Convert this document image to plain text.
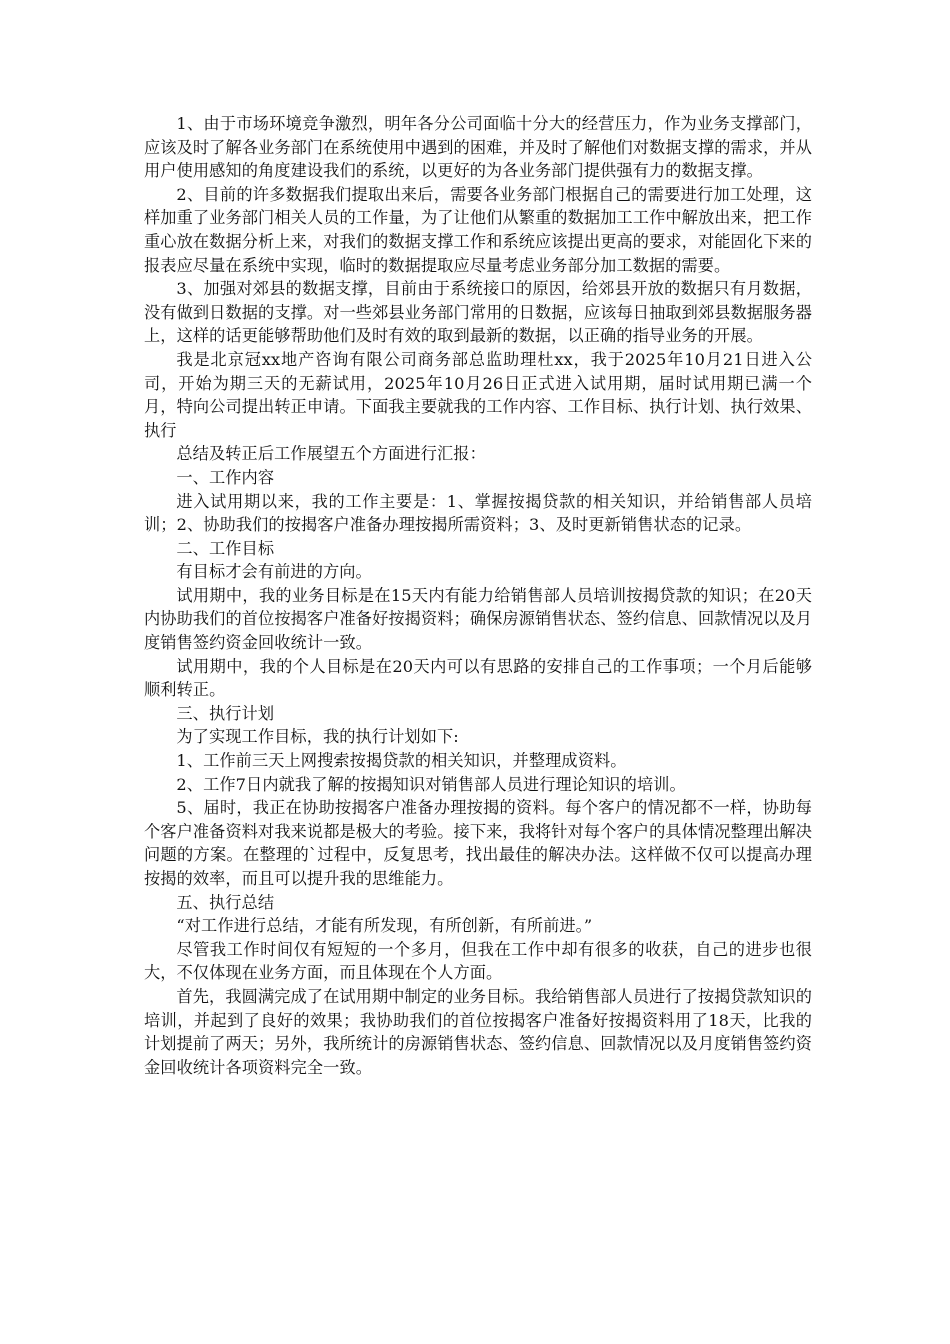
1、由于市场环境竞争激烈，明年各分公司面临十分大的经营压力，作为业务支撑部门，应该及时了解各业务部门在系统使用中遇到的困难，并及时了解他们对数据支撑的需求，并从用户使用感知的角度建设我们的系统，以更好的为各业务部门提供强有力的数据支撑。

2、目前的许多数据我们提取出来后，需要各业务部门根据自己的需要进行加工处理，这样加重了业务部门相关人员的工作量，为了让他们从繁重的数据加工工作中解放出来，把工作重心放在数据分析上来，对我们的数据支撑工作和系统应该提出更高的要求，对能固化下来的报表应尽量在系统中实现，临时的数据提取应尽量考虑业务部分加工数据的需要。

3、加强对郊县的数据支撑，目前由于系统接口的原因，给郊县开放的数据只有月数据，没有做到日数据的支撑。对一些郊县业务部门常用的日数据，应该每日抽取到郊县数据服务器上，这样的话更能够帮助他们及时有效的取到最新的数据，以正确的指导业务的开展。

我是北京冠xx地产咨询有限公司商务部总监助理杜xx，我于2025年10月21日进入公司，开始为期三天的无薪试用，2025年10月26日正式进入试用期，届时试用期已满一个月，特向公司提出转正申请。下面我主要就我的工作内容、工作目标、执行计划、执行效果、执行

总结及转正后工作展望五个方面进行汇报：

一、工作内容

进入试用期以来，我的工作主要是：1、掌握按揭贷款的相关知识，并给销售部人员培训；2、协助我们的按揭客户准备办理按揭所需资料；3、及时更新销售状态的记录。

二、工作目标

有目标才会有前进的方向。

试用期中，我的业务目标是在15天内有能力给销售部人员培训按揭贷款的知识；在20天内协助我们的首位按揭客户准备好按揭资料；确保房源销售状态、签约信息、回款情况以及月度销售签约资金回收统计一致。

试用期中，我的个人目标是在20天内可以有思路的安排自己的工作事项；一个月后能够顺利转正。

三、执行计划

为了实现工作目标，我的执行计划如下:

1、工作前三天上网搜索按揭贷款的相关知识，并整理成资料。

2、工作7日内就我了解的按揭知识对销售部人员进行理论知识的培训。

5、届时，我正在协助按揭客户准备办理按揭的资料。每个客户的情况都不一样，协助每个客户准备资料对我来说都是极大的考验。接下来，我将针对每个客户的具体情况整理出解决问题的方案。在整理的`过程中，反复思考，找出最佳的解决办法。这样做不仅可以提高办理按揭的效率，而且可以提升我的思维能力。

五、执行总结

“对工作进行总结，才能有所发现，有所创新，有所前进。”

尽管我工作时间仅有短短的一个多月，但我在工作中却有很多的收获，自己的进步也很大，不仅体现在业务方面，而且体现在个人方面。

首先，我圆满完成了在试用期中制定的业务目标。我给销售部人员进行了按揭贷款知识的培训，并起到了良好的效果；我协助我们的首位按揭客户准备好按揭资料用了18天，比我的计划提前了两天；另外，我所统计的房源销售状态、签约信息、回款情况以及月度销售签约资金回收统计各项资料完全一致。
